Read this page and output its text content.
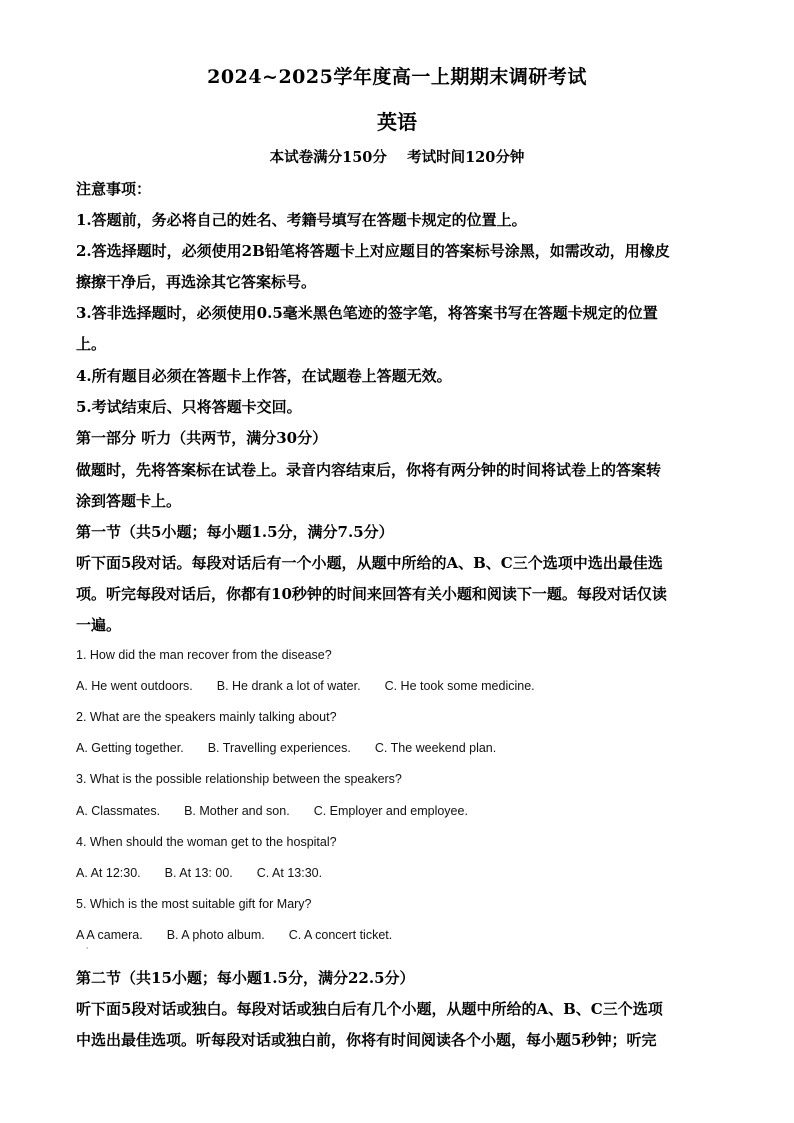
2024~2025学年度高一上期期末调研考试
英语
本试卷满分150分    考试时间120分钟
注意事项：
1.答题前，务必将自己的姓名、考籍号填写在答题卡规定的位置上。
2.答选择题时，必须使用2B铅笔将答题卡上对应题目的答案标号涂黑，如需改动，用橡皮
擦擦干净后，再选涂其它答案标号。
3.答非选择题时，必须使用0.5毫米黑色笔迹的签字笔，将答案书写在答题卡规定的位置
上。
4.所有题目必须在答题卡上作答，在试题卷上答题无效。
5.考试结束后、只将答题卡交回。
第一部分 听力（共两节，满分30分）
做题时，先将答案标在试卷上。录音内容结束后，你将有两分钟的时间将试卷上的答案转
涂到答题卡上。
第一节（共5小题；每小题1.5分，满分7.5分）
听下面5段对话。每段对话后有一个小题，从题中所给的A、B、C三个选项中选出最佳选
项。听完每段对话后，你都有10秒钟的时间来回答有关小题和阅读下一题。每段对话仅读
一遍。
1. How did the man recover from the disease?
A. He went outdoors. B. He drank a lot of water. C. He took some medicine.
2. What are the speakers mainly talking about?
A. Getting together. B. Travelling experiences. C. The weekend plan.
3. What is the possible relationship between the speakers?
A. Classmates. B. Mother and son. C. Employer and employee.
4. When should the woman get to the hospital?
A. At 12:30. B. At 13: 00. C. At 13:30.
5. Which is the most suitable gift for Mary?
A A camera. B. A photo album. C. A concert ticket.
·
第二节（共15小题；每小题1.5分，满分22.5分）
听下面5段对话或独白。每段对话或独白后有几个小题，从题中所给的A、B、C三个选项
中选出最佳选项。听每段对话或独白前，你将有时间阅读各个小题，每小题5秒钟；听完
